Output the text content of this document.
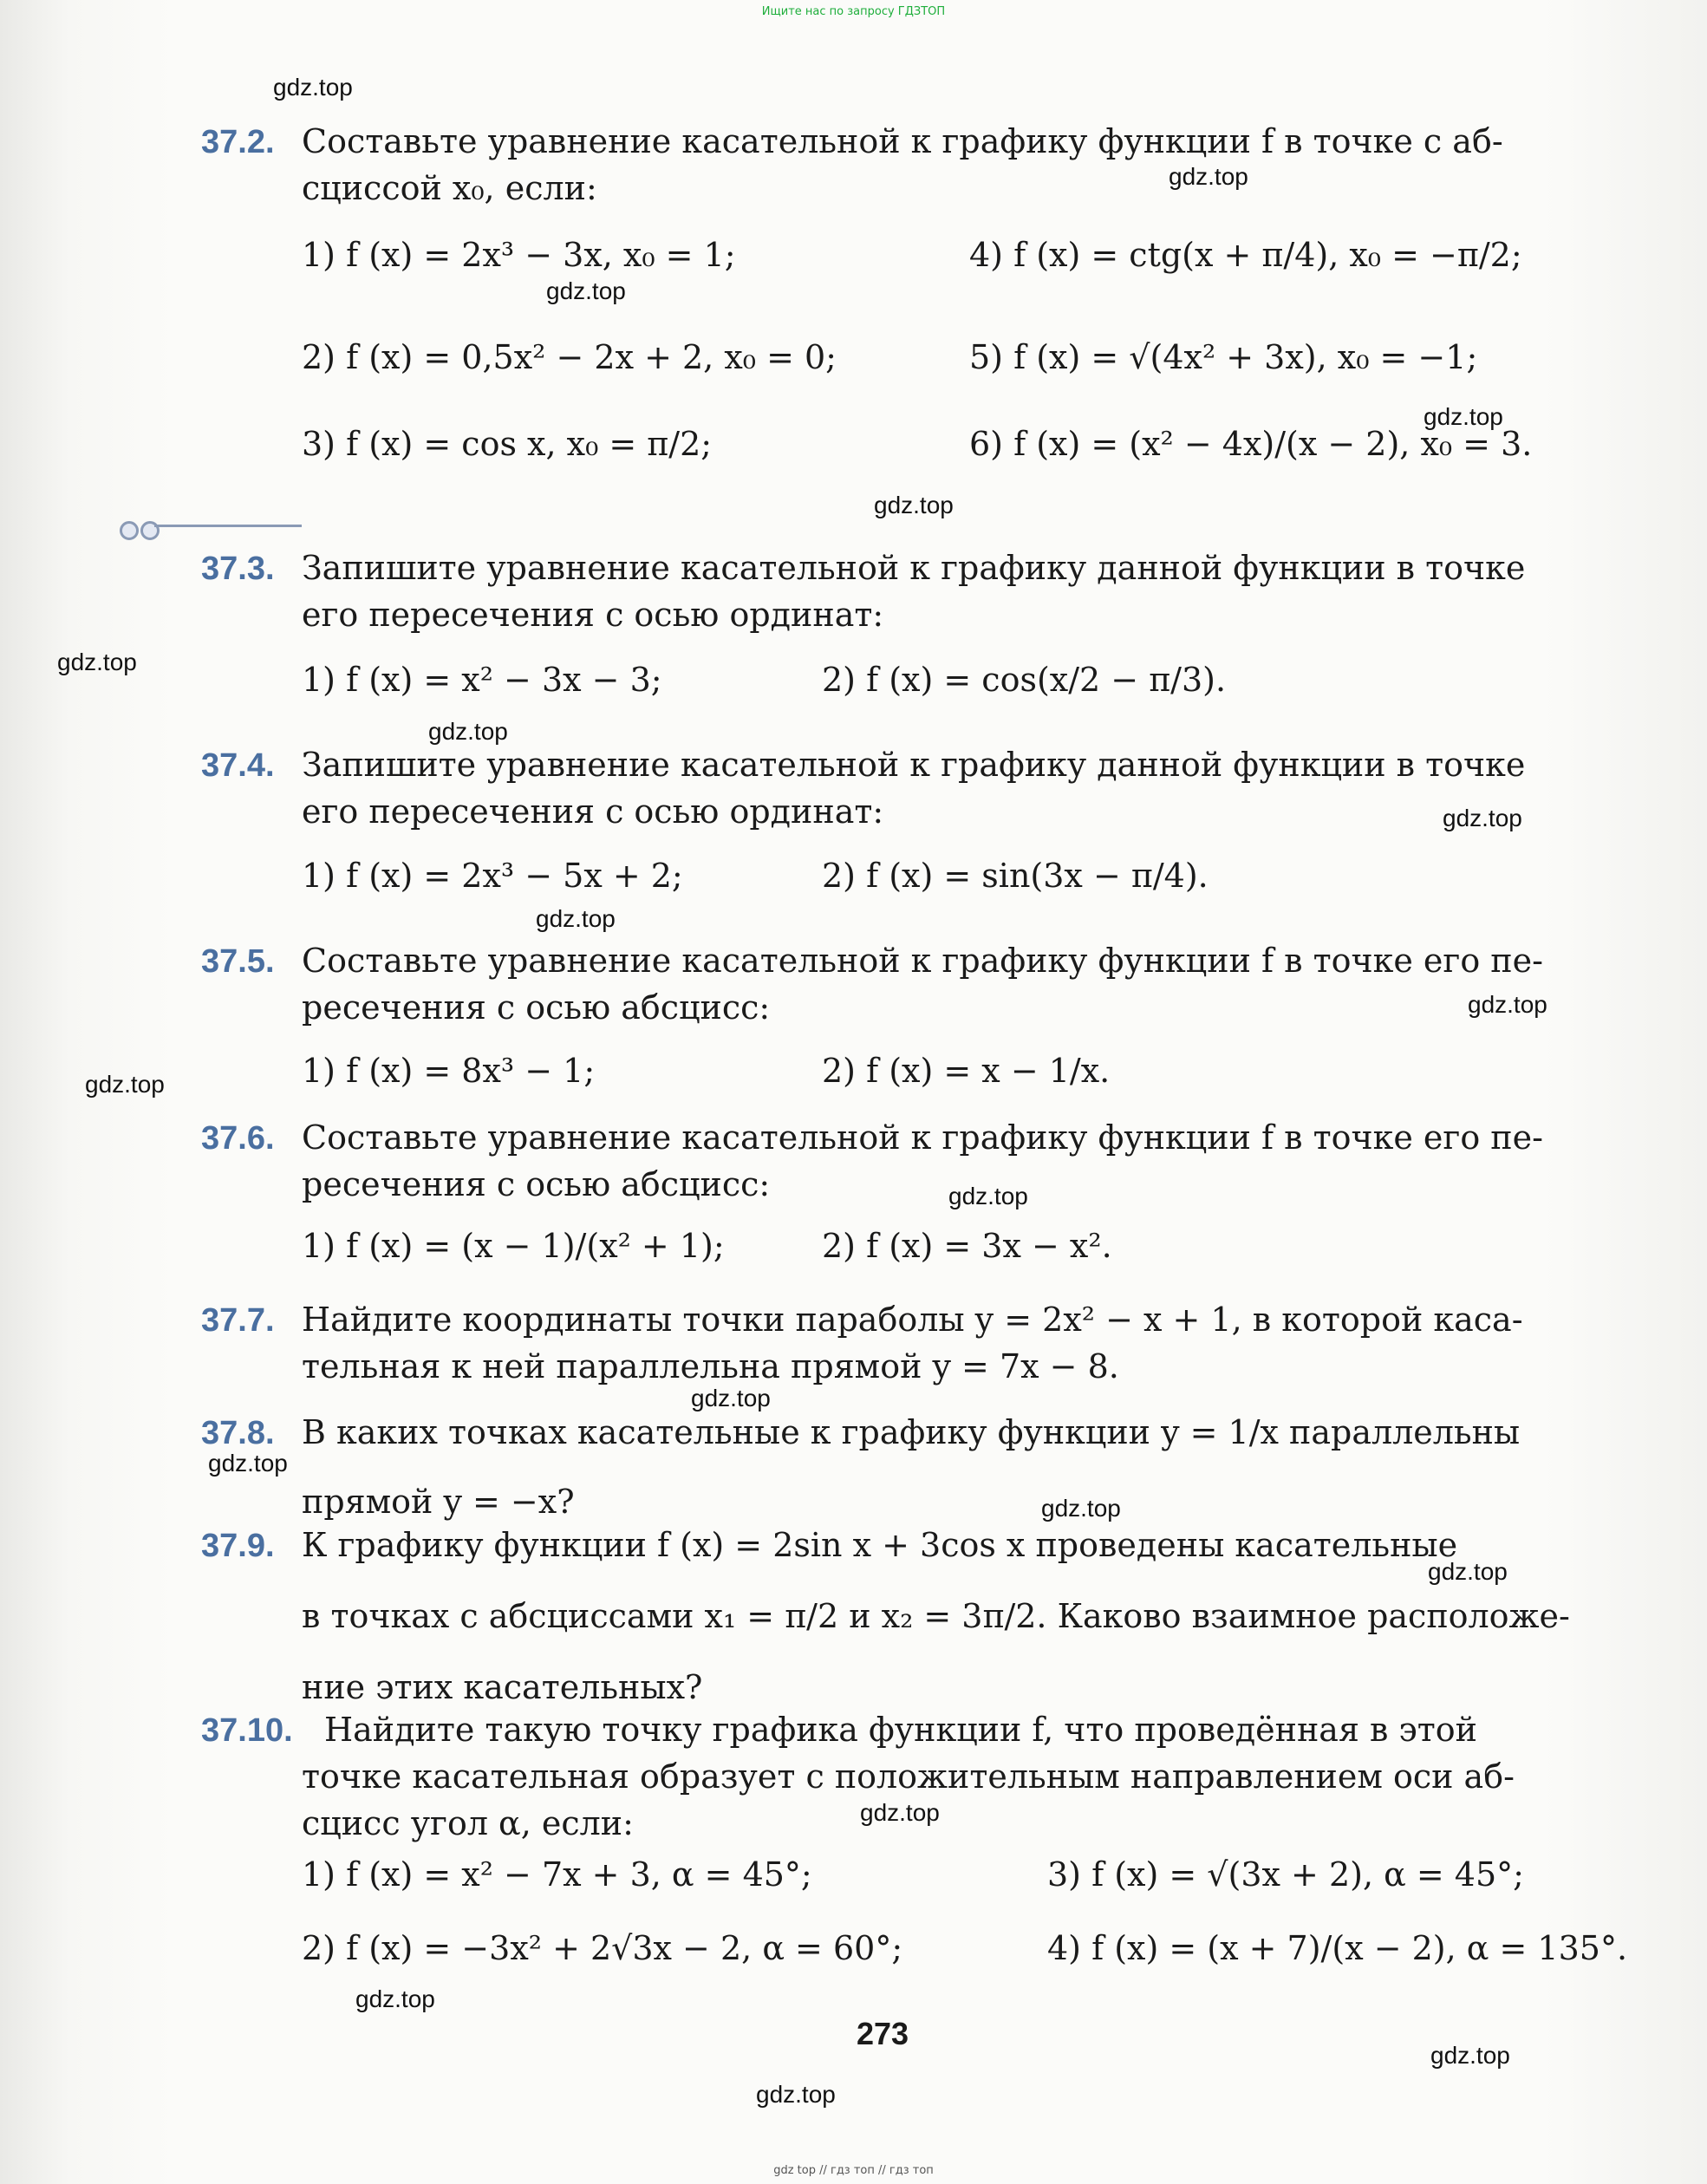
Ищите нас по запросу ГДЗТОП
37.2. Составьте уравнение касательной к графику функции f в точке с аб-
сциссой x₀, если:
1) f (x) = 2x³ − 3x, x₀ = 1;	4) f (x) = ctg(x + π/4), x₀ = −π/2;
2) f (x) = 0,5x² − 2x + 2, x₀ = 0;	5) f (x) = √(4x² + 3x), x₀ = −1;
3) f (x) = cos x, x₀ = π/2;	6) f (x) = (x² − 4x)/(x − 2), x₀ = 3.
37.3. Запишите уравнение касательной к графику данной функции в точке
его пересечения с осью ординат:
1) f (x) = x² − 3x − 3;	2) f (x) = cos(x/2 − π/3).
37.4. Запишите уравнение касательной к графику данной функции в точке
его пересечения с осью ординат:
1) f (x) = 2x³ − 5x + 2;	2) f (x) = sin(3x − π/4).
37.5. Составьте уравнение касательной к графику функции f в точке его пе-
ресечения с осью абсцисс:
1) f (x) = 8x³ − 1;	2) f (x) = x − 1/x.
37.6. Составьте уравнение касательной к графику функции f в точке его пе-
ресечения с осью абсцисс:
1) f (x) = (x − 1)/(x² + 1);	2) f (x) = 3x − x².
37.7. Найдите координаты точки параболы y = 2x² − x + 1, в которой каса-
тельная к ней параллельна прямой y = 7x − 8.
37.8. В каких точках касательные к графику функции y = 1/x параллельны
прямой y = −x?
37.9. К графику функции f (x) = 2sin x + 3cos x проведены касательные
в точках с абсциссами x₁ = π/2 и x₂ = 3π/2. Каково взаимное расположе-
ние этих касательных?
37.10. Найдите такую точку графика функции f, что проведённая в этой
точке касательная образует с положительным направлением оси аб-
сцисс угол α, если:
1) f (x) = x² − 7x + 3, α = 45°;	3) f (x) = √(3x + 2), α = 45°;
2) f (x) = −3x² + 2√3x − 2, α = 60°;	4) f (x) = (x + 7)/(x − 2), α = 135°.
273
gdz.top
gdz.top
gdz.top
gdz.top
gdz.top
gdz.top
gdz.top
gdz.top
gdz.top
gdz.top
gdz.top
gdz.top
gdz.top
gdz.top
gdz.top
gdz.top
gdz.top
gdz.top
gdz.top
gdz.top
gdz top // гдз топ // гдз топ
